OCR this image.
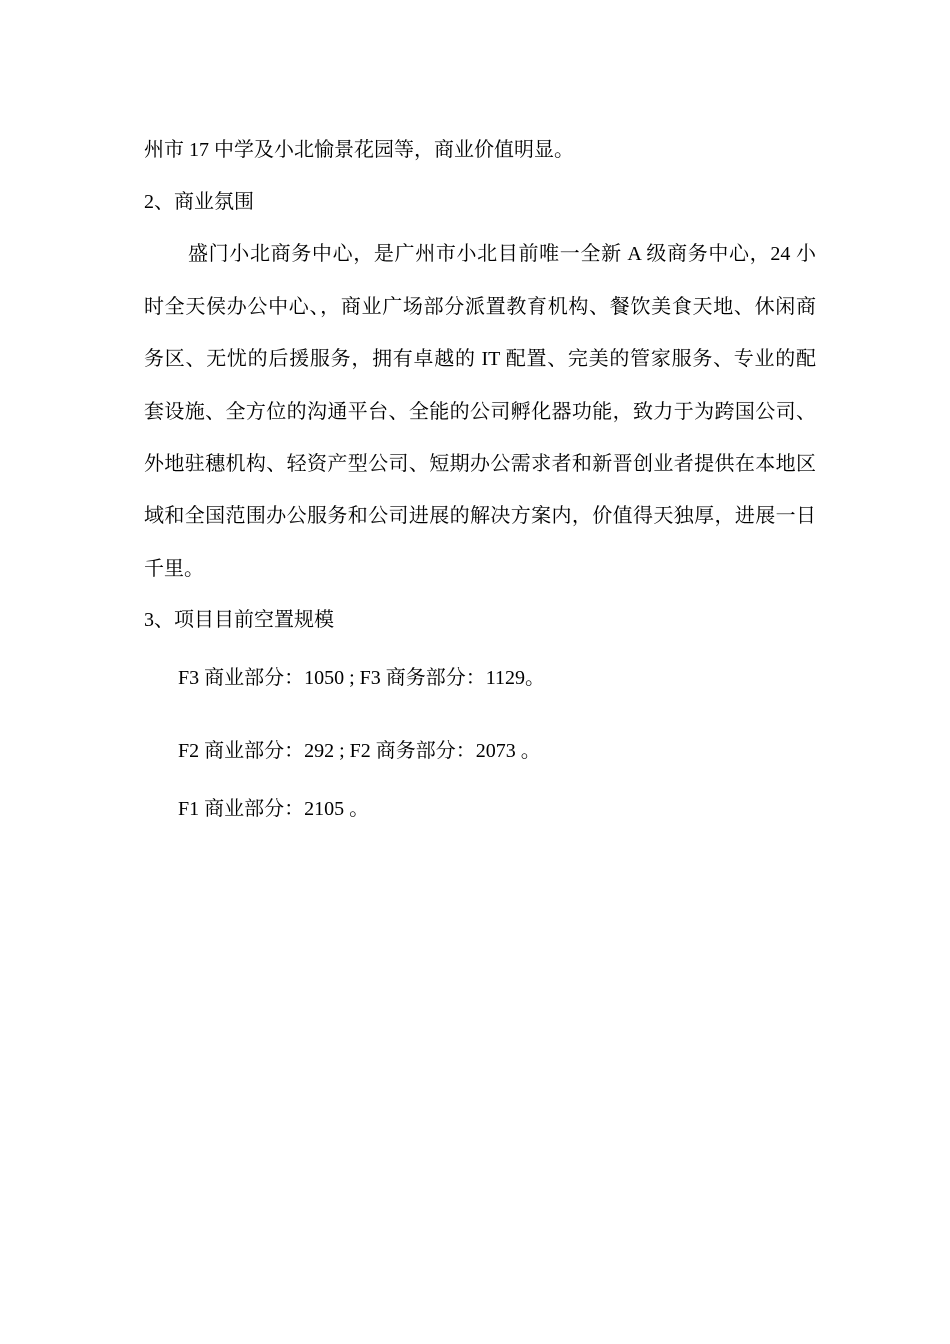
州市 17 中学及小北愉景花园等，商业价值明显。
2、商业氛围
盛门小北商务中心，是广州市小北目前唯一全新 A 级商务中心，24 小
时全天侯办公中心、，商业广场部分派置教育机构、餐饮美食天地、休闲商
务区、无忧的后援服务，拥有卓越的 IT 配置、完美的管家服务、专业的配
套设施、全方位的沟通平台、全能的公司孵化器功能，致力于为跨国公司、
外地驻穗机构、轻资产型公司、短期办公需求者和新晋创业者提供在本地区
域和全国范围办公服务和公司进展的解决方案内，价值得天独厚，进展一日
千里。
3、项目目前空置规模
F3 商业部分：1050 ; F3 商务部分：1129。
F2 商业部分：292 ; F2 商务部分：2073 。
F1 商业部分：2105 。
